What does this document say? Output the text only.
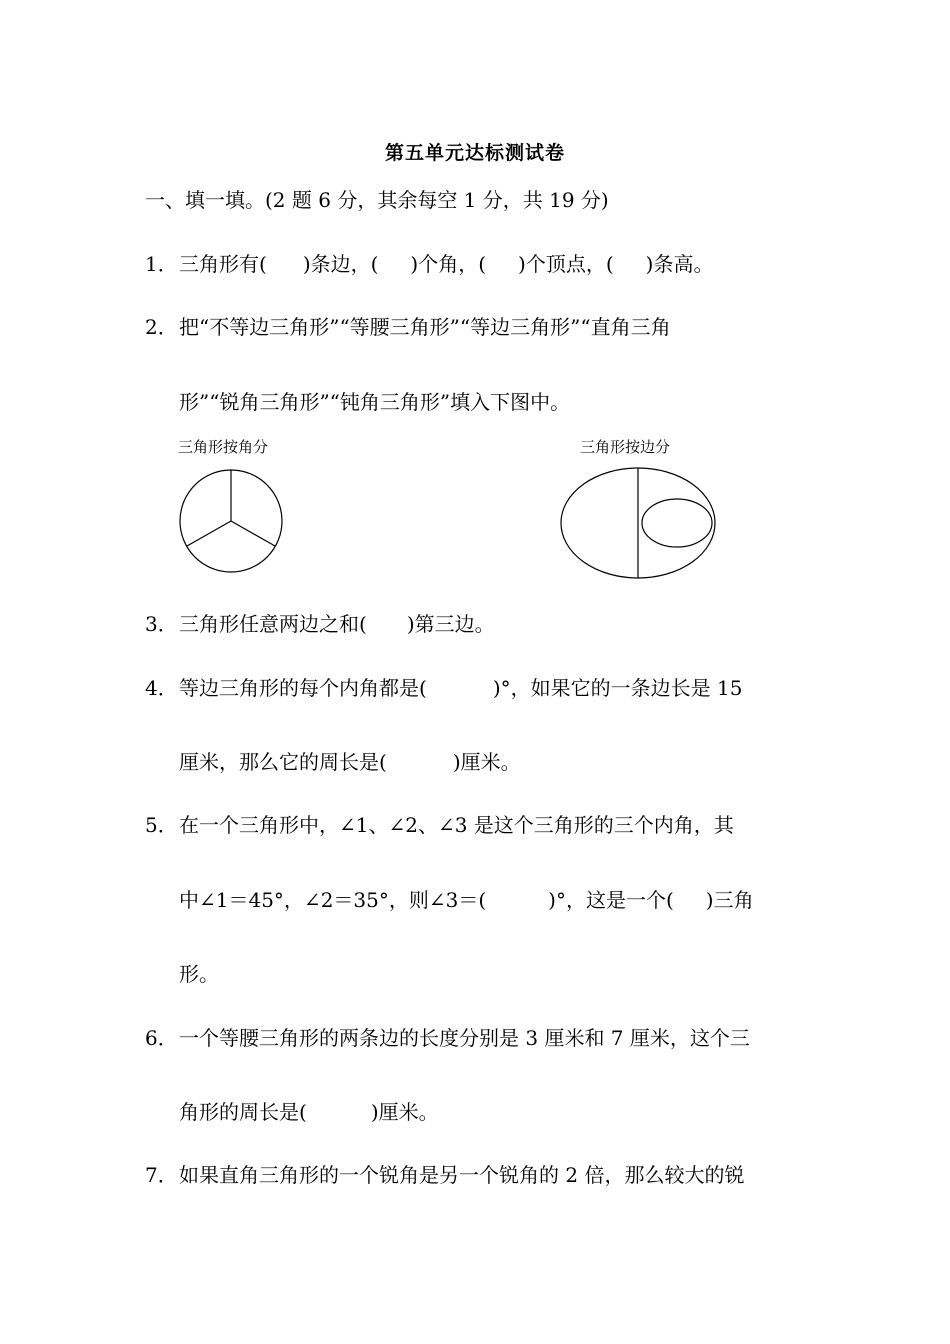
第五单元达标测试卷
一、填一填。(2 题 6 分，其余每空 1 分，共 19 分)
1．三角形有( )条边，( )个角，( )个顶点，( )条高。
2．把“不等边三角形”“等腰三角形”“等边三角形”“直角三角
形”“锐角三角形”“钝角三角形”填入下图中。
三角形按角分	三角形按边分
3．三角形任意两边之和( )第三边。
4．等边三角形的每个内角都是(	)°，如果它的一条边长是 15
厘米，那么它的周长是(	)厘米。
5．在一个三角形中，∠1、∠2、∠3 是这个三角形的三个内角，其
中∠1＝45°，∠2＝35°，则∠3＝(	)°，这是一个( )三角
形。
6．一个等腰三角形的两条边的长度分别是 3 厘米和 7 厘米，这个三
角形的周长是(	)厘米。
7．如果直角三角形的一个锐角是另一个锐角的 2 倍，那么较大的锐
